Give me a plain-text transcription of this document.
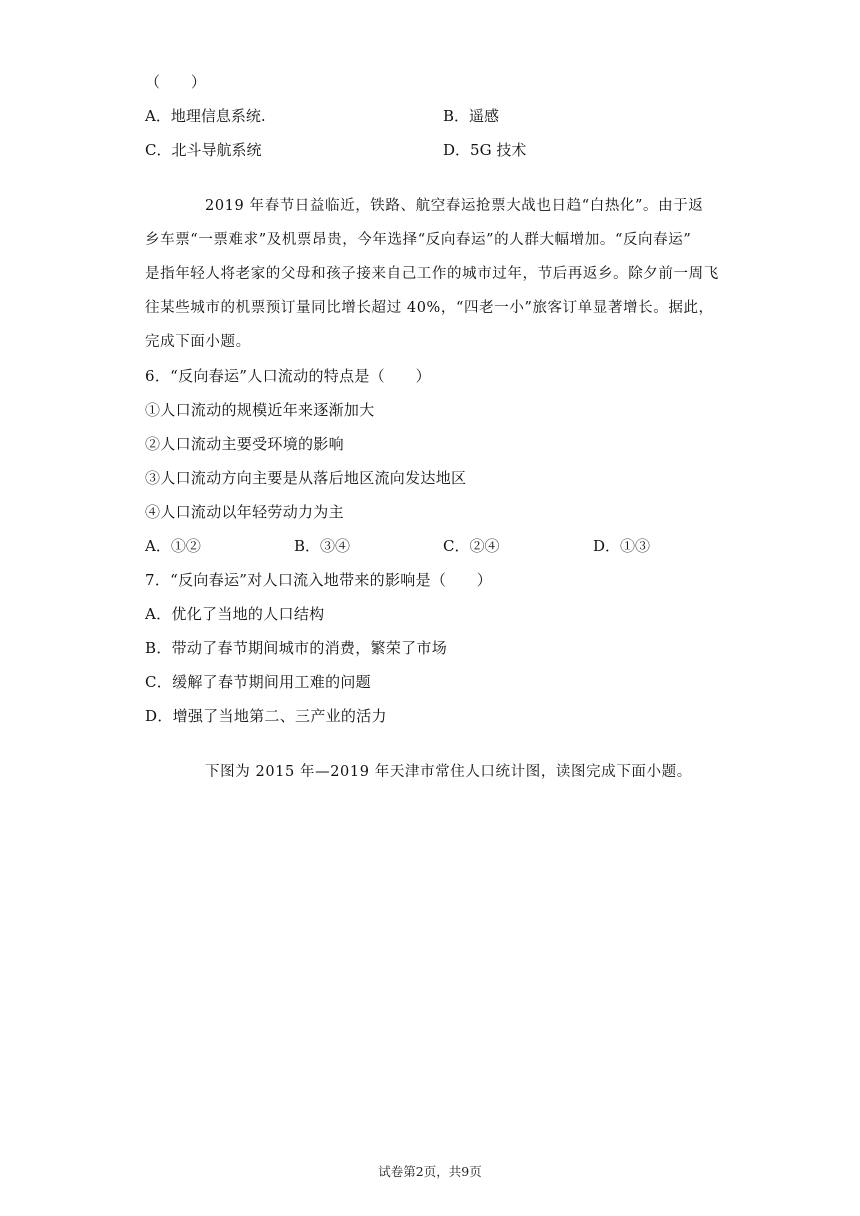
（　　）
A．地理信息系统.	B．遥感
C．北斗导航系统	D．5G 技术
2019 年春节日益临近，铁路、航空春运抢票大战也日趋“白热化”。由于返
乡车票“一票难求”及机票昂贵，今年选择“反向春运”的人群大幅增加。“反向春运”
是指年轻人将老家的父母和孩子接来自己工作的城市过年，节后再返乡。除夕前一周飞
往某些城市的机票预订量同比增长超过 40%，“四老一小”旅客订单显著增长。据此，
完成下面小题。
6．“反向春运”人口流动的特点是（　　）
①人口流动的规模近年来逐渐加大
②人口流动主要受环境的影响
③人口流动方向主要是从落后地区流向发达地区
④人口流动以年轻劳动力为主
A．①②	B．③④	C．②④	D．①③
7．“反向春运”对人口流入地带来的影响是（　　）
A．优化了当地的人口结构
B．带动了春节期间城市的消费，繁荣了市场
C．缓解了春节期间用工难的问题
D．增强了当地第二、三产业的活力
下图为 2015 年—2019 年天津市常住人口统计图，读图完成下面小题。
试卷第2页，共9页
